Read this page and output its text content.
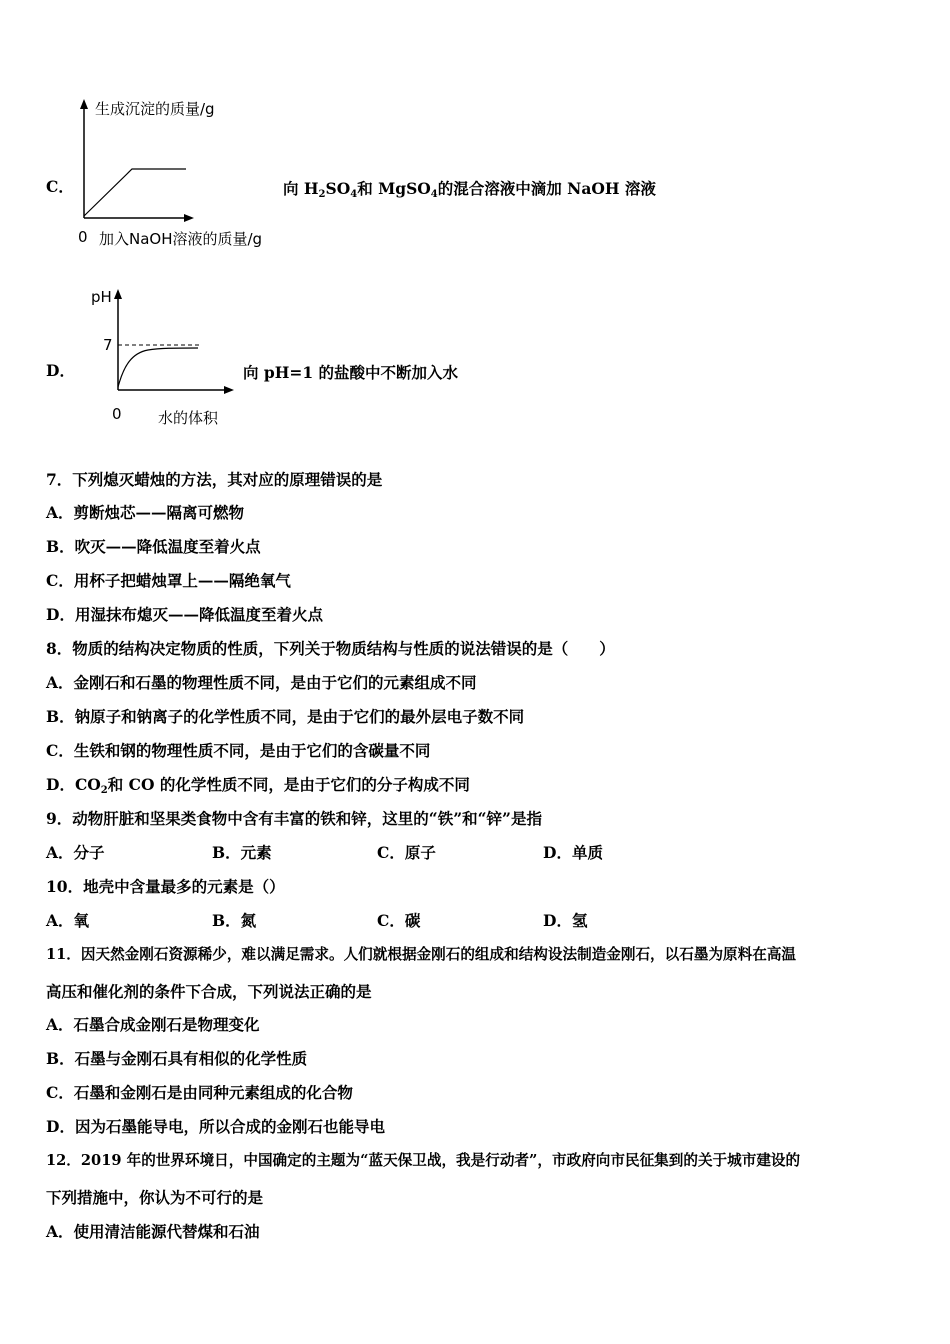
C．
生成沉淀的质量/g
0 加入NaOH溶液的质量/g
向 $H_2SO_4$和 MgSO$_4$的混合溶液中滴加 NaOH 溶液
D．
pH
7
0 水的体积
向 pH=1 的盐酸中不断加入水
7．下列熄灭蜡烛的方法，其对应的原理错误的是
A．剪断烛芯——隔离可燃物
B．吹灭——降低温度至着火点
C．用杯子把蜡烛罩上——隔绝氧气
D．用湿抹布熄灭——降低温度至着火点
8．物质的结构决定物质的性质，下列关于物质结构与性质的说法错误的是（　　）
A．金刚石和石墨的物理性质不同，是由于它们的元素组成不同
B．钠原子和钠离子的化学性质不同，是由于它们的最外层电子数不同
C．生铁和钢的物理性质不同，是由于它们的含碳量不同
D．$CO_2$和 CO 的化学性质不同，是由于它们的分子构成不同
9．动物肝脏和坚果类食物中含有丰富的铁和锌，这里的“铁”和“锌”是指
A．分子	B．元素	C．原子	D．单质
10．地壳中含量最多的元素是（）
A．氧	B．氮	C．碳	D．氢
11．因天然金刚石资源稀少，难以满足需求。人们就根据金刚石的组成和结构设法制造金刚石，以石墨为原料在高温
高压和催化剂的条件下合成，下列说法正确的是
A．石墨合成金刚石是物理变化
B．石墨与金刚石具有相似的化学性质
C．石墨和金刚石是由同种元素组成的化合物
D．因为石墨能导电，所以合成的金刚石也能导电
12．2019 年的世界环境日，中国确定的主题为“蓝天保卫战，我是行动者”，市政府向市民征集到的关于城市建设的
下列措施中，你认为不可行的是
A．使用清洁能源代替煤和石油
